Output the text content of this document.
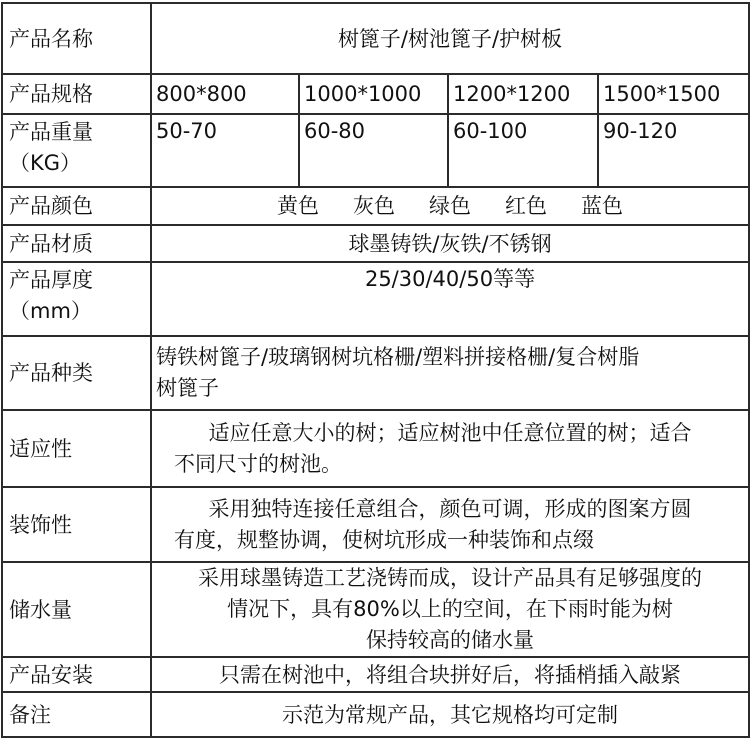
产品名称	树篦子/树池篦子/护树板			
产品规格	800*800	1000*1000	1200*1200	1500*1500

产品重量
（KG）	50-70	60-80	60-100	90-120
产品颜色	黄色 灰色 绿色 红色 蓝色			
产品材质	球墨铸铁/灰铁/不锈钢			

产品厚度
（mm）	25/30/40/50等等			
产品种类	铸铁树篦子/玻璃钢树坑格栅/塑料拼接格栅/复合树脂
树篦子			

适应性	适应任意大小的树；适应树池中任意位置的树；适合
不同尺寸的树池。			

装饰性	采用独特连接任意组合，颜色可调，形成的图案方圆
有度，规整协调，使树坑形成一种装饰和点缀			

储水量	采用球墨铸造工艺浇铸而成，设计产品具有足够强度的
情况下，具有80%以上的空间，在下雨时能为树
保持较高的储水量			

产品安装	只需在树池中，将组合块拼好后，将插梢插入敲紧			
备注	示范为常规产品，其它规格均可定制			
